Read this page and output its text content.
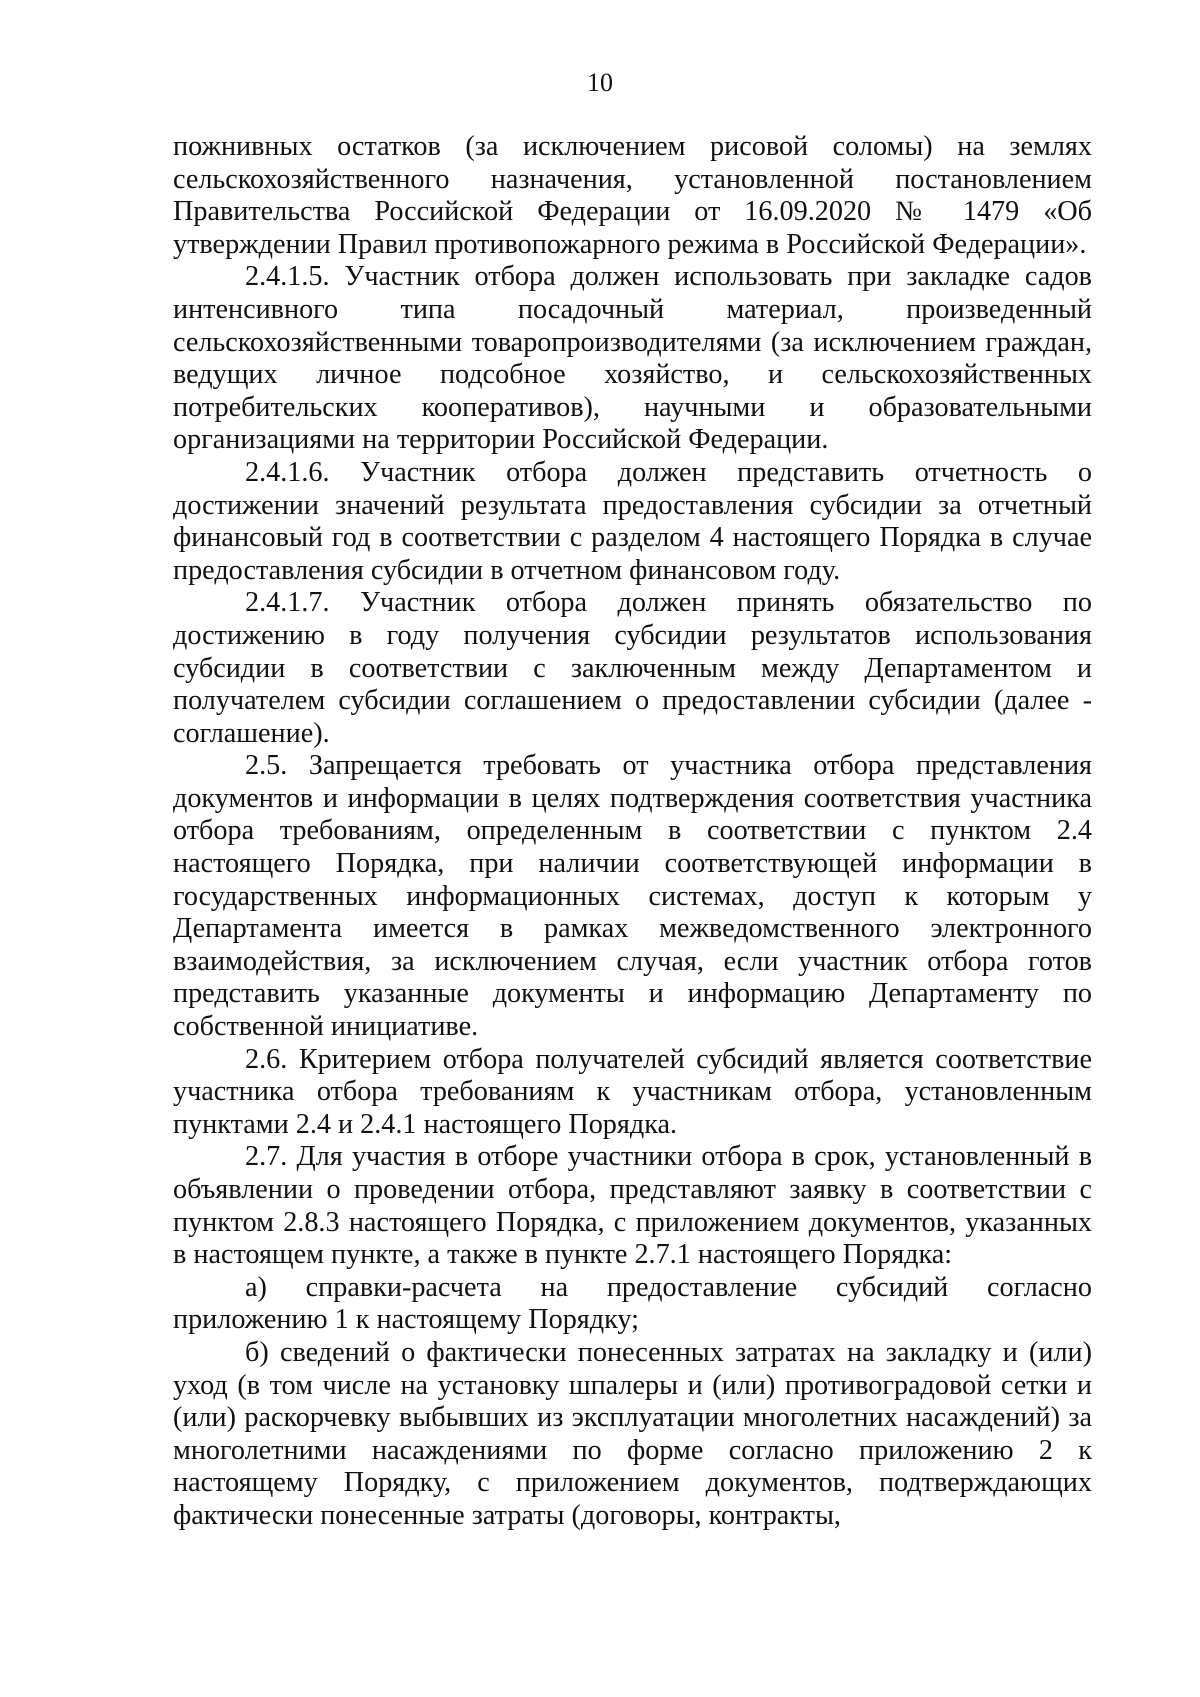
10

пожнивных остатков (за исключением рисовой соломы) на землях сельскохозяйственного назначения, установленной постановлением Правительства Российской Федерации от 16.09.2020 № 1479 «Об утверждении Правил противопожарного режима в Российской Федерации».

2.4.1.5. Участник отбора должен использовать при закладке садов интенсивного типа посадочный материал, произведенный сельскохозяйственными товаропроизводителями (за исключением граждан, ведущих личное подсобное хозяйство, и сельскохозяйственных потребительских кооперативов), научными и образовательными организациями на территории Российской Федерации.

2.4.1.6. Участник отбора должен представить отчетность о достижении значений результата предоставления субсидии за отчетный финансовый год в соответствии с разделом 4 настоящего Порядка в случае предоставления субсидии в отчетном финансовом году.

2.4.1.7. Участник отбора должен принять обязательство по достижению в году получения субсидии результатов использования субсидии в соответствии с заключенным между Департаментом и получателем субсидии соглашением о предоставлении субсидии (далее - соглашение).

2.5. Запрещается требовать от участника отбора представления документов и информации в целях подтверждения соответствия участника отбора требованиям, определенным в соответствии с пунктом 2.4 настоящего Порядка, при наличии соответствующей информации в государственных информационных системах, доступ к которым у Департамента имеется в рамках межведомственного электронного взаимодействия, за исключением случая, если участник отбора готов представить указанные документы и информацию Департаменту по собственной инициативе.

2.6. Критерием отбора получателей субсидий является соответствие участника отбора требованиям к участникам отбора, установленным пунктами 2.4 и 2.4.1 настоящего Порядка.

2.7. Для участия в отборе участники отбора в срок, установленный в объявлении о проведении отбора, представляют заявку в соответствии с пунктом 2.8.3 настоящего Порядка, с приложением документов, указанных в настоящем пункте, а также в пункте 2.7.1 настоящего Порядка:

а) справки-расчета на предоставление субсидий согласно приложению 1 к настоящему Порядку;

б) сведений о фактически понесенных затратах на закладку и (или) уход (в том числе на установку шпалеры и (или) противоградовой сетки и (или) раскорчевку выбывших из эксплуатации многолетних насаждений) за многолетними насаждениями по форме согласно приложению 2 к настоящему Порядку, с приложением документов, подтверждающих фактически понесенные затраты (договоры, контракты,
